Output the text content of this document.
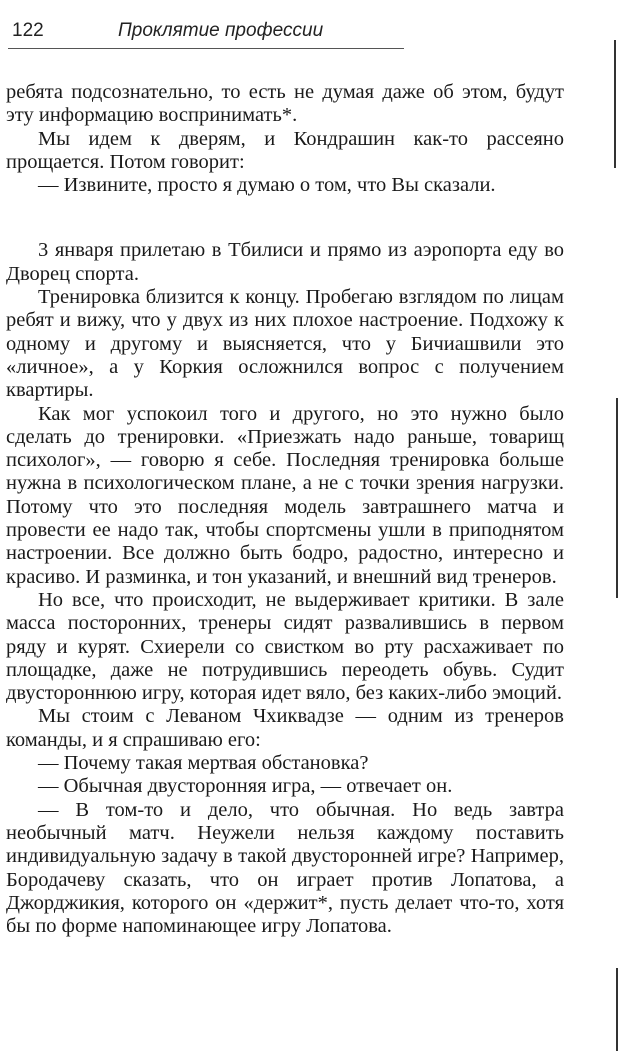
122	Проклятие профессии

ребята подсознательно, то есть не думая даже об этом, будут эту информацию воспринимать*.

Мы идем к дверям, и Кондрашин как-то рассеяно прощается. Потом говорит:

— Извините, просто я думаю о том, что Вы сказали.

3 января прилетаю в Тбилиси и прямо из аэропорта еду во Дворец спорта.

Тренировка близится к концу. Пробегаю взглядом по лицам ребят и вижу, что у двух из них плохое настроение. Подхожу к одному и другому и выясняется, что у Бичиашвили это «личное», а у Коркия осложнился вопрос с получением квартиры.

Как мог успокоил того и другого, но это нужно было сделать до тренировки. «Приезжать надо раньше, товарищ психолог», — говорю я себе. Последняя тренировка больше нужна в психологическом плане, а не с точки зрения нагрузки. Потому что это последняя модель завтрашнего матча и провести ее надо так, чтобы спортсмены ушли в приподнятом настроении. Все должно быть бодро, радостно, интересно и красиво. И разминка, и тон указаний, и внешний вид тренеров.

Но все, что происходит, не выдерживает критики. В зале масса посторонних, тренеры сидят развалившись в первом ряду и курят. Схиерели со свистком во рту расхаживает по площадке, даже не потрудившись переодеть обувь. Судит двустороннюю игру, которая идет вяло, без каких-либо эмоций.

Мы стоим с Леваном Чхиквадзе — одним из тренеров команды, и я спрашиваю его:

— Почему такая мертвая обстановка?

— Обычная двусторонняя игра, — отвечает он.

— В том-то и дело, что обычная. Но ведь завтра необычный матч. Неужели нельзя каждому поставить индивидуальную задачу в такой двусторонней игре? Например, Бородачеву сказать, что он играет против Лопатова, а Джорджикия, которого он «держит*, пусть делает что-то, хотя бы по форме напоминающее игру Лопатова.
